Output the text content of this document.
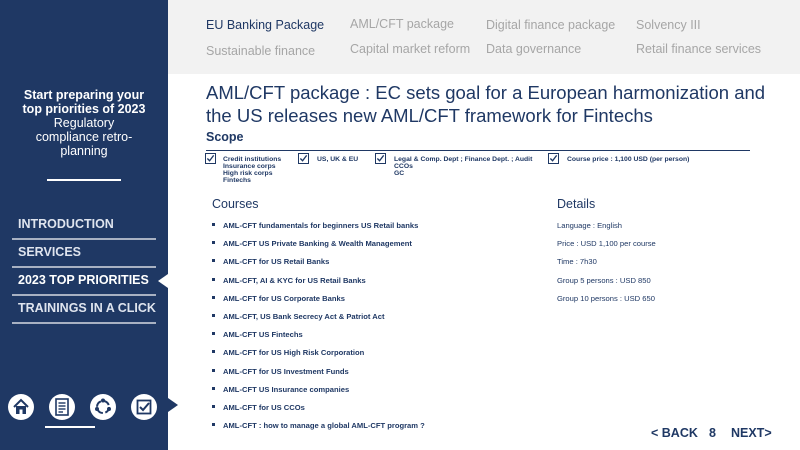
Start preparing your top priorities of 2023
Regulatory compliance retro-planning
INTRODUCTION
SERVICES
2023 TOP PRIORITIES
TRAININGS IN A CLICK
EU Banking Package AML/CFT package	Digital finance package Solvency III
Sustainable finance	Capital market reform Data governance	Retail finance services
AML/CFT package : EC sets goal for a European harmonization and
the US releases new AML/CFT framework for Fintechs
Scope
Credit institutions
Insurance corps
High risk corps
Fintechs
US, UK & EU	Legal & Comp. Dept ; Finance Dept. ; Audit
CCOs
GC
Course price : 1,100 USD (per person)
Courses
AML-CFT fundamentals for beginners US Retail banks
AML-CFT US Private Banking & Wealth Management
AML-CFT for US Retail Banks
AML-CFT, AI & KYC for US Retail Banks
AML-CFT for US Corporate Banks
AML-CFT, US Bank Secrecy Act & Patriot Act
AML-CFT US Fintechs
AML-CFT for US High Risk Corporation
AML-CFT for US Investment Funds
AML-CFT US Insurance companies
AML-CFT for US CCOs
AML-CFT : how to manage a global AML-CFT program ?
Details
Language : English
Price : USD 1,100 per course
Time : 7h30
Group 5 persons : USD 850
Group 10 persons : USD 650
< BACK 8 NEXT>
